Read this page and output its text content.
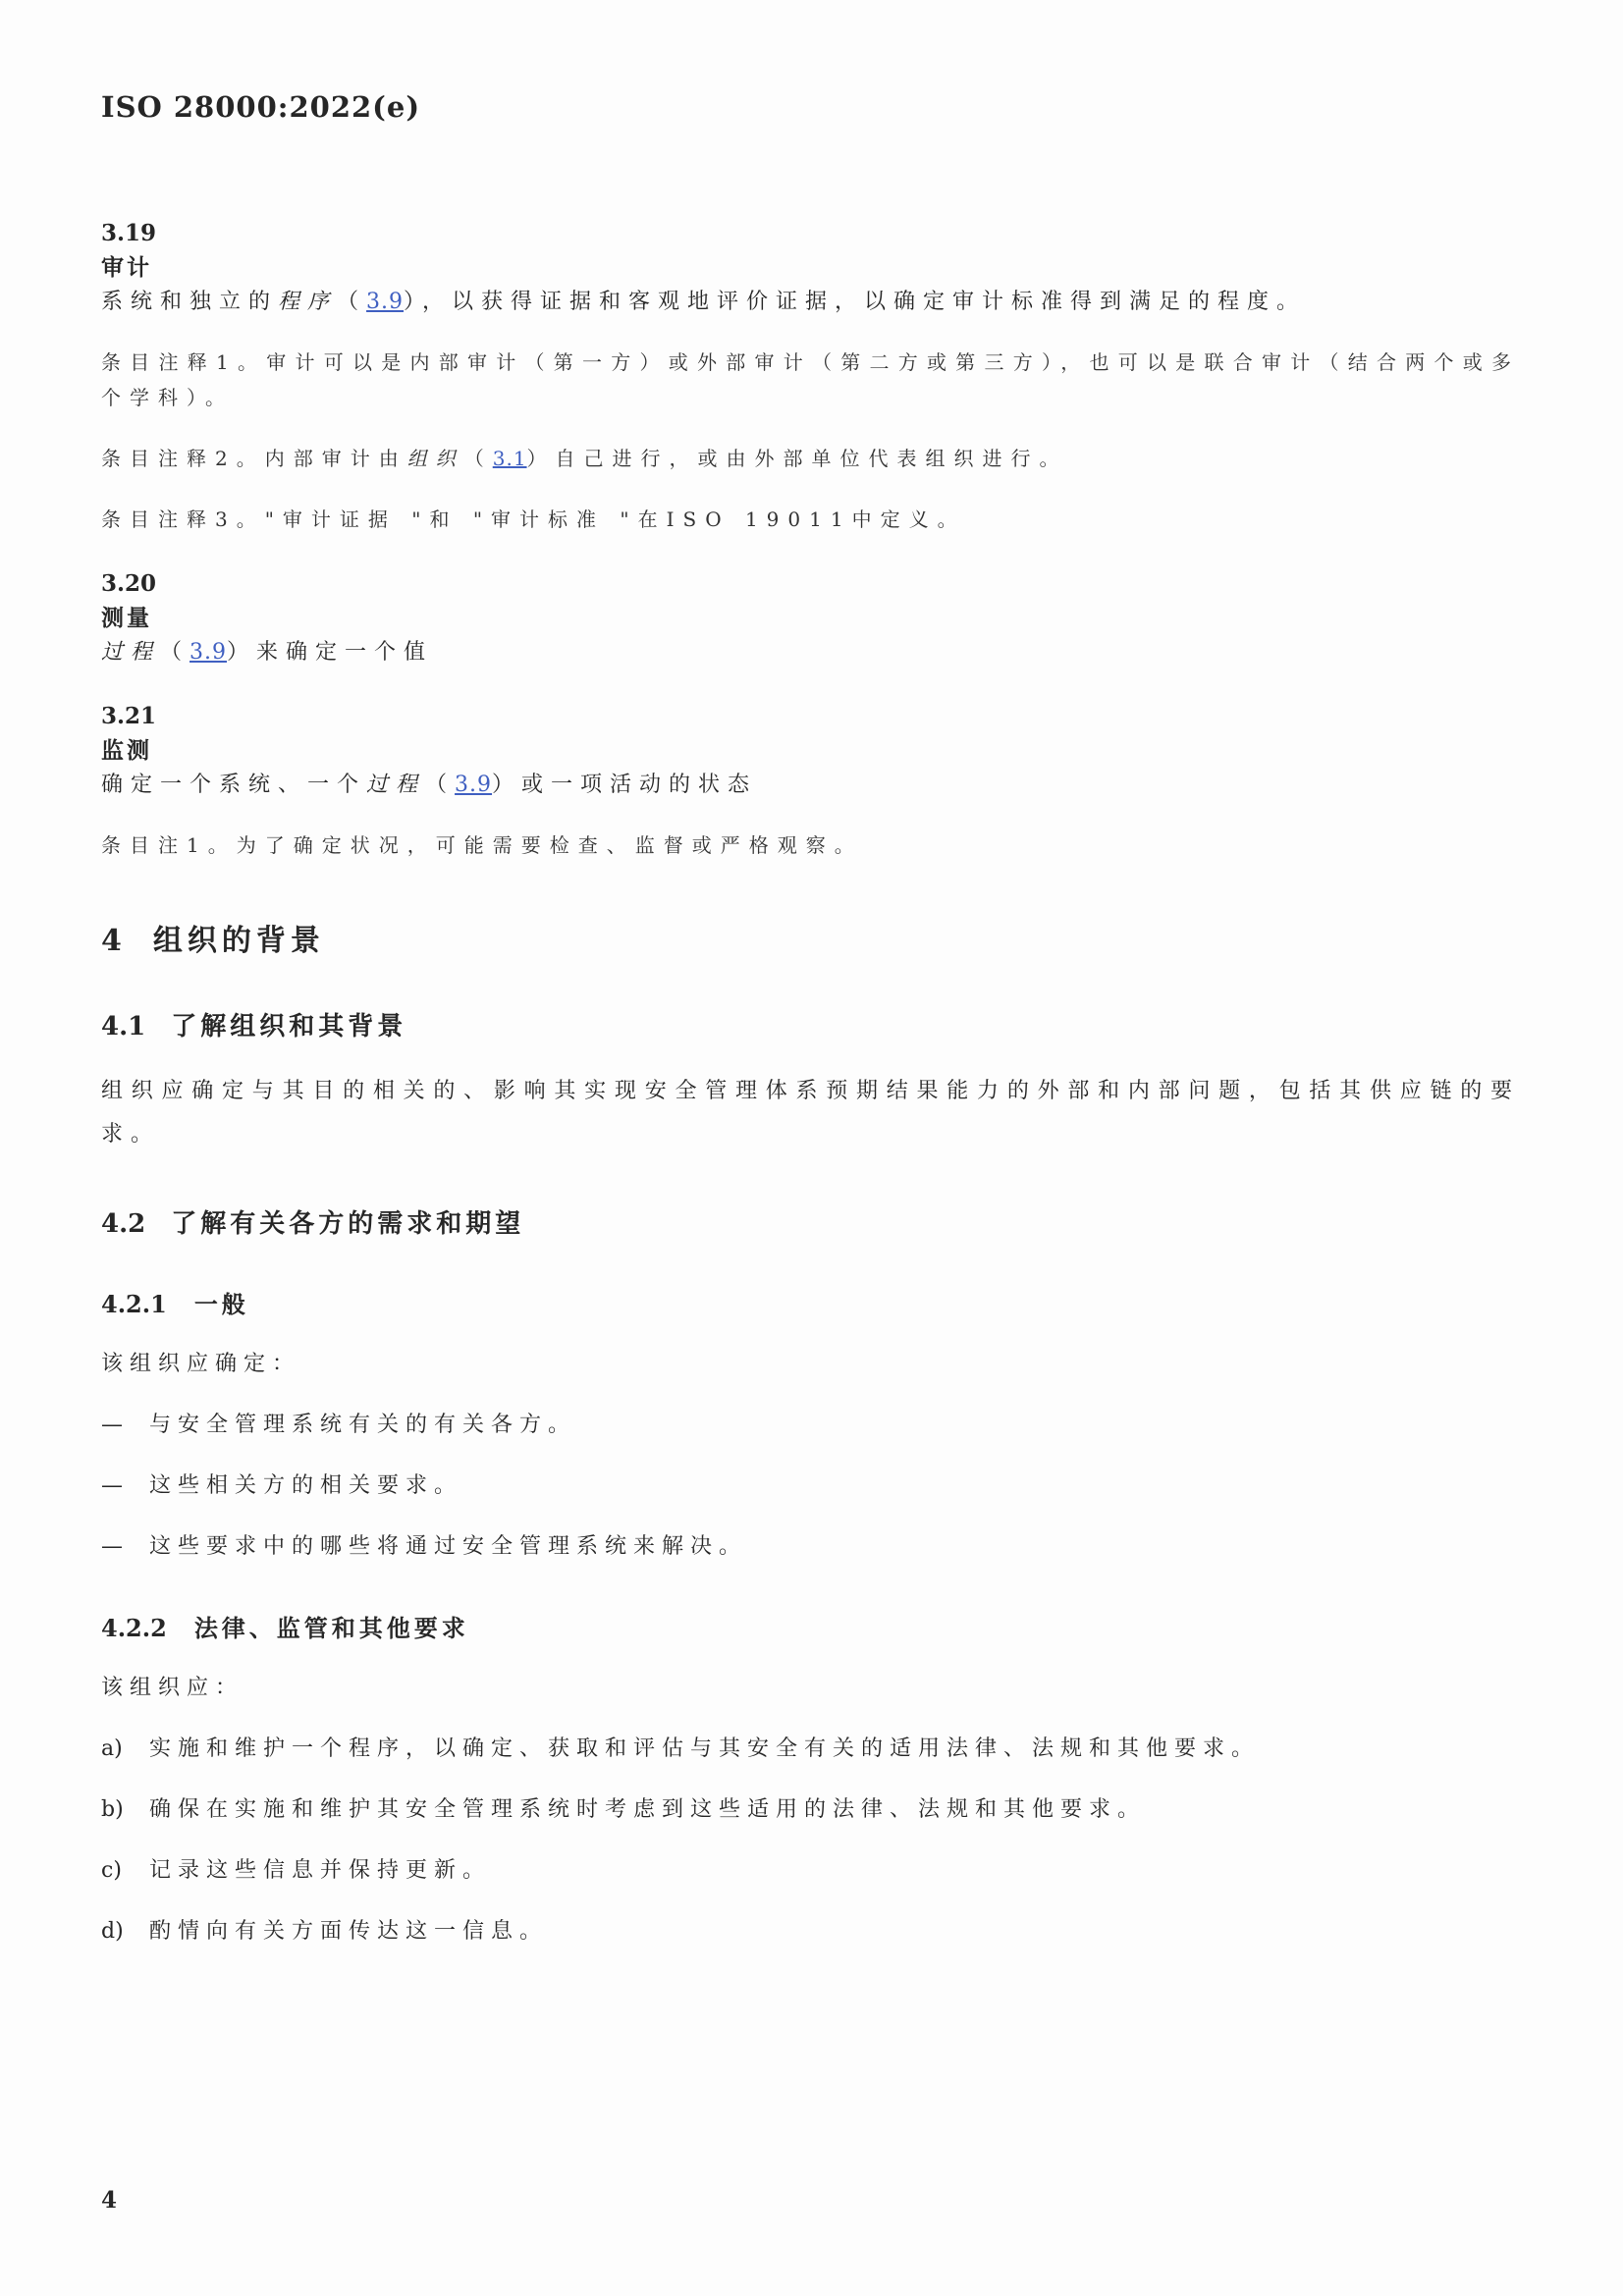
ISO 28000:2022(e)
3.19
审计

系统和独立的程序（3.9），以获得证据和客观地评价证据，以确定审计标准得到满足的程度。

条目注释1。审计可以是内部审计（第一方）或外部审计（第二方或第三方），也可以是联合审计（结合两个或多个学科）。

条目注释2。内部审计由组织（3.1）自己进行，或由外部单位代表组织进行。

条目注释3。"审计证据 "和 "审计标准 "在ISO 19011中定义。

3.20
测量

过程（3.9）来确定一个值

3.21
监测

确定一个系统、一个过程（3.9）或一项活动的状态

条目注1。为了确定状况，可能需要检查、监督或严格观察。

4 组织的背景
4.1 了解组织和其背景

组织应确定与其目的相关的、影响其实现安全管理体系预期结果能力的外部和内部问题，包括其供应链的要求。

4.2 了解有关各方的需求和期望
4.2.1 一般

该组织应确定：

—	与安全管理系统有关的有关各方。
—	这些相关方的相关要求。
—	这些要求中的哪些将通过安全管理系统来解决。
4.2.2 法律、监管和其他要求

该组织应：

a)	实施和维护一个程序，以确定、获取和评估与其安全有关的适用法律、法规和其他要求。
b)	确保在实施和维护其安全管理系统时考虑到这些适用的法律、法规和其他要求。
c)	记录这些信息并保持更新。
d)	酌情向有关方面传达这一信息。
4
